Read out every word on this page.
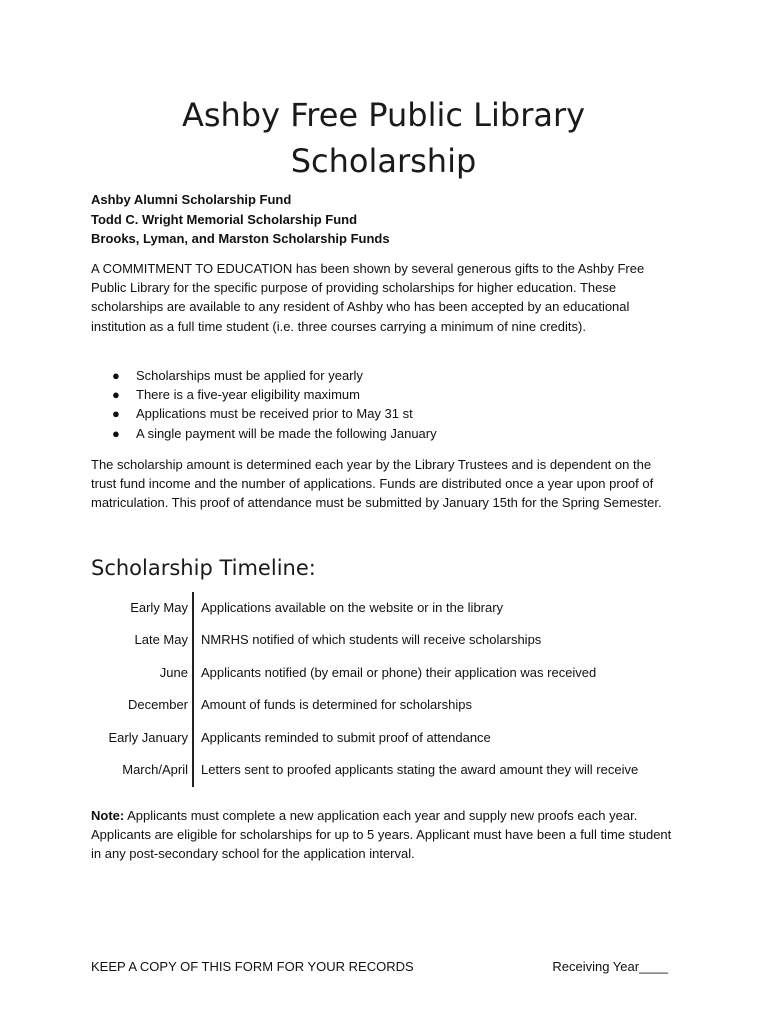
Ashby Free Public Library
Scholarship
Ashby Alumni Scholarship Fund
Todd C. Wright Memorial Scholarship Fund
Brooks, Lyman, and Marston Scholarship Funds

A COMMITMENT TO EDUCATION has been shown by several generous gifts to the Ashby Free Public Library for the specific purpose of providing scholarships for higher education. These scholarships are available to any resident of Ashby who has been accepted by an educational institution as a full time student (i.e. three courses carrying a minimum of nine credits).

● Scholarships must be applied for yearly
● There is a five-year eligibility maximum
● Applications must be received prior to May 31 st
● A single payment will be made the following January

The scholarship amount is determined each year by the Library Trustees and is dependent on the trust fund income and the number of applications. Funds are distributed once a year upon proof of matriculation. This proof of attendance must be submitted by January 15th for the Spring Semester.

Scholarship Timeline:
Early May Applications available on the website or in the library
Late May NMRHS notified of which students will receive scholarships
June Applicants notified (by email or phone) their application was received
December Amount of funds is determined for scholarships
Early January Applicants reminded to submit proof of attendance
March/April Letters sent to proofed applicants stating the award amount they will receive

Note: Applicants must complete a new application each year and supply new proofs each year. Applicants are eligible for scholarships for up to 5 years. Applicant must have been a full time student in any post-secondary school for the application interval.

KEEP A COPY OF THIS FORM FOR YOUR RECORDS	Receiving Year____
